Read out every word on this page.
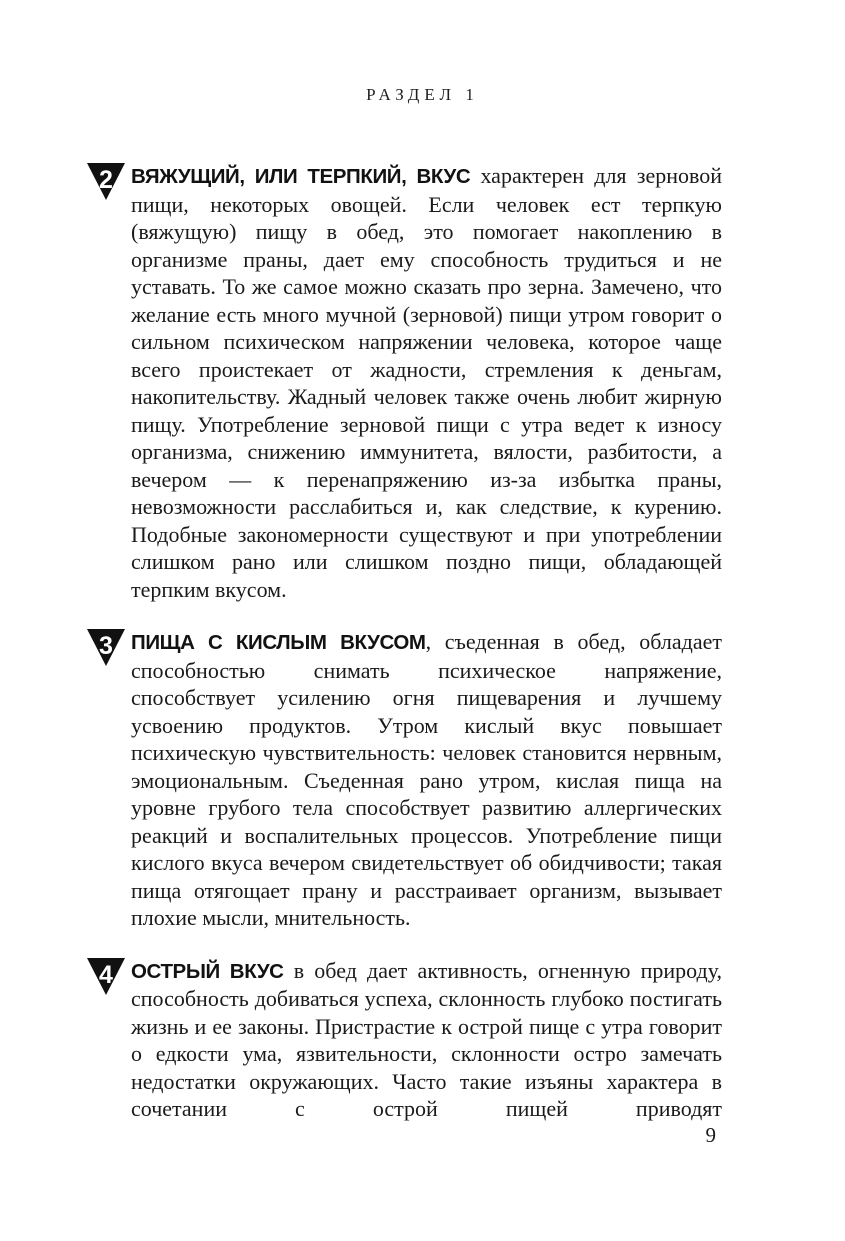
РАЗДЕЛ 1
2 ВЯЖУЩИЙ, ИЛИ ТЕРПКИЙ, ВКУС характерен для зерновой пищи, некоторых овощей. Если человек ест терпкую (вяжущую) пищу в обед, это помогает накоплению в организме праны, дает ему способность трудиться и не уставать. То же самое можно сказать про зерна. Замечено, что желание есть много мучной (зерновой) пищи утром говорит о сильном психическом напряжении человека, которое чаще всего проистекает от жадности, стремления к деньгам, накопительству. Жадный человек также очень любит жирную пищу. Употребление зерновой пищи с утра ведет к износу организма, снижению иммунитета, вялости, разбитости, а вечером — к перенапряжению из-за избытка праны, невозможности расслабиться и, как следствие, к курению. Подобные закономерности существуют и при употреблении слишком рано или слишком поздно пищи, обладающей терпким вкусом.

3 ПИЩА С КИСЛЫМ ВКУСОМ, съеденная в обед, обладает способностью снимать психическое напряжение, способствует усилению огня пищеварения и лучшему усвоению продуктов. Утром кислый вкус повышает психическую чувствительность: человек становится нервным, эмоциональным. Съеденная рано утром, кислая пища на уровне грубого тела способствует развитию аллергических реакций и воспалительных процессов. Употребление пищи кислого вкуса вечером свидетельствует об обидчивости; такая пища отягощает прану и расстраивает организм, вызывает плохие мысли, мнительность.

4 ОСТРЫЙ ВКУС в обед дает активность, огненную природу, способность добиваться успеха, склонность глубоко постигать жизнь и ее законы. Пристрастие к острой пище с утра говорит о едкости ума, язвительности, склонности остро замечать недостатки окружающих. Часто такие изъяны характера в сочетании с острой пищей приводят

9
